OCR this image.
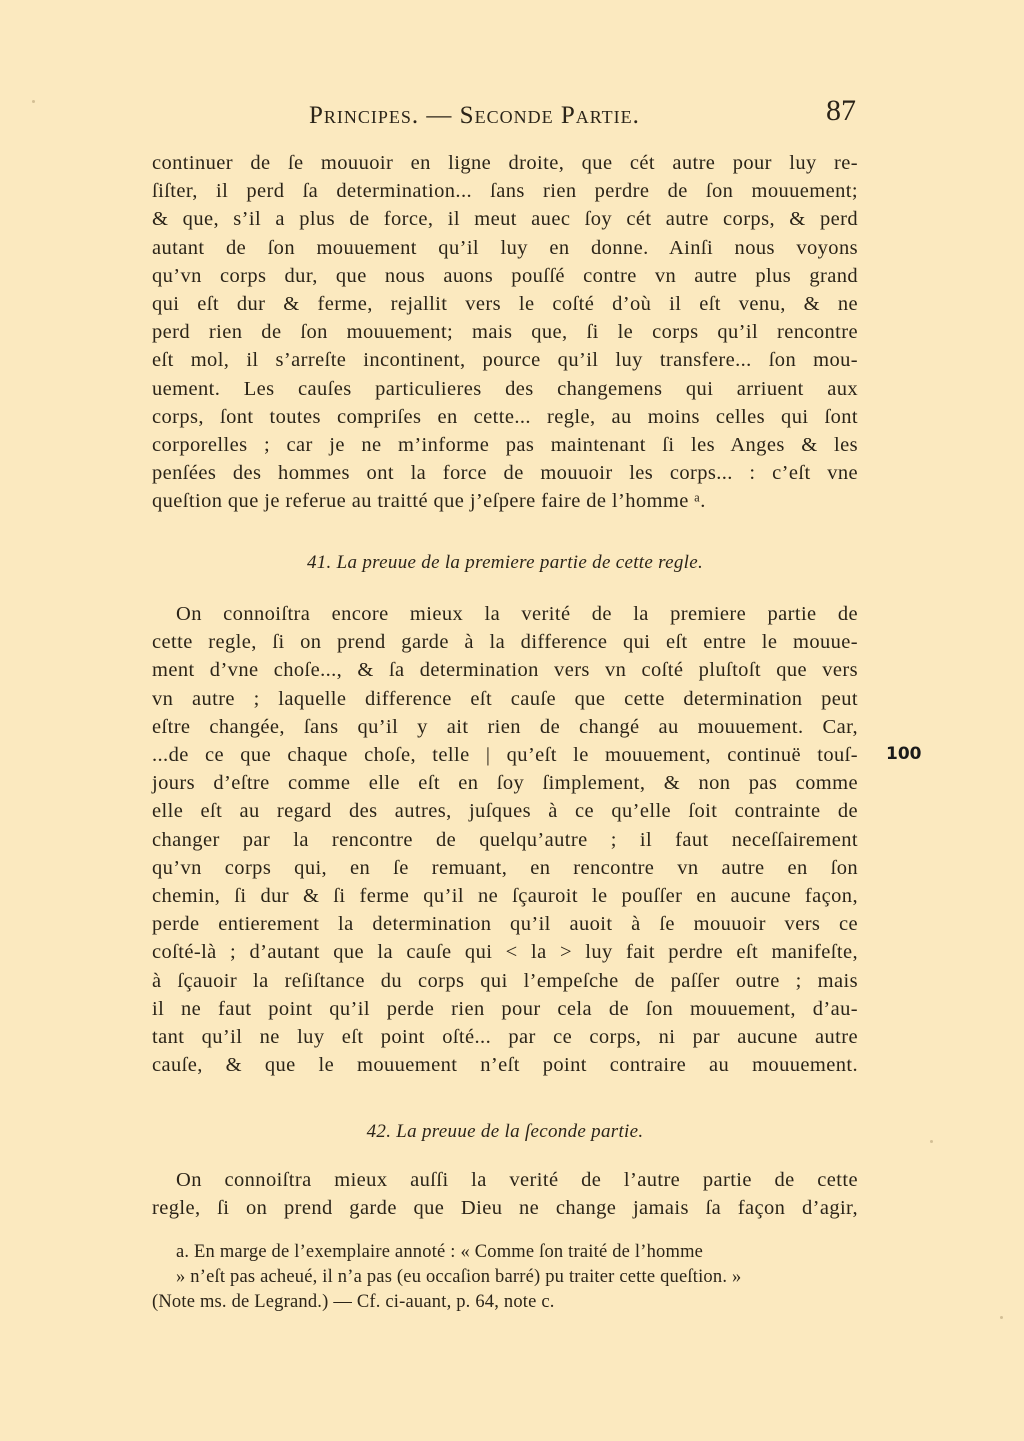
Principes. — Seconde Partie.	87
continuer de ſe mouuoir en ligne droite, que cét autre pour luy re-
ſiſter, il perd ſa determination... ſans rien perdre de ſon mouuement;
& que, s’il a plus de force, il meut auec ſoy cét autre corps, & perd
autant de ſon mouuement qu’il luy en donne. Ainſi nous voyons
qu’vn corps dur, que nous auons pouſſé contre vn autre plus grand
qui eſt dur & ferme, rejallit vers le coſté d’où il eſt venu, & ne
perd rien de ſon mouuement; mais que, ſi le corps qu’il rencontre
eſt mol, il s’arreſte incontinent, pource qu’il luy transfere... ſon mou-
uement. Les cauſes particulieres des changemens qui arriuent aux
corps, ſont toutes compriſes en cette... regle, au moins celles qui ſont
corporelles ; car je ne m’informe pas maintenant ſi les Anges & les
penſées des hommes ont la force de mouuoir les corps... : c’eſt vne
queſtion que je referue au traitté que j’eſpere faire de l’homme ᵃ.
41. La preuue de la premiere partie de cette regle.
On connoiſtra encore mieux la verité de la premiere partie de
cette regle, ſi on prend garde à la difference qui eſt entre le mouue-
ment d’vne choſe..., & ſa determination vers vn coſté pluſtoſt que vers
vn autre ; laquelle difference eſt cauſe que cette determination peut
eſtre changée, ſans qu’il y ait rien de changé au mouuement. Car,
...de ce que chaque choſe, telle | qu’eſt le mouuement, continuë touſ-
jours d’eſtre comme elle eſt en ſoy ſimplement, & non pas comme
elle eſt au regard des autres, juſques à ce qu’elle ſoit contrainte de
changer par la rencontre de quelqu’autre ; il faut neceſſairement
qu’vn corps qui, en ſe remuant, en rencontre vn autre en ſon
chemin, ſi dur & ſi ferme qu’il ne ſçauroit le pouſſer en aucune façon,
perde entierement la determination qu’il auoit à ſe mouuoir vers ce
coſté-là ; d’autant que la cauſe qui < la > luy fait perdre eſt manifeſte,
à ſçauoir la reſiſtance du corps qui l’empeſche de paſſer outre ; mais
il ne faut point qu’il perde rien pour cela de ſon mouuement, d’au-
tant qu’il ne luy eſt point oſté... par ce corps, ni par aucune autre
cauſe, & que le mouuement n’eſt point contraire au mouuement.
100
42. La preuue de la ſeconde partie.
On connoiſtra mieux auſſi la verité de l’autre partie de cette
regle, ſi on prend garde que Dieu ne change jamais ſa façon d’agir,
a. En marge de l’exemplaire annoté : « Comme ſon traité de l’homme
» n’eſt pas acheué, il n’a pas (eu occaſion barré) pu traiter cette queſtion. »
(Note ms. de Legrand.) — Cf. ci-auant, p. 64, note c.
